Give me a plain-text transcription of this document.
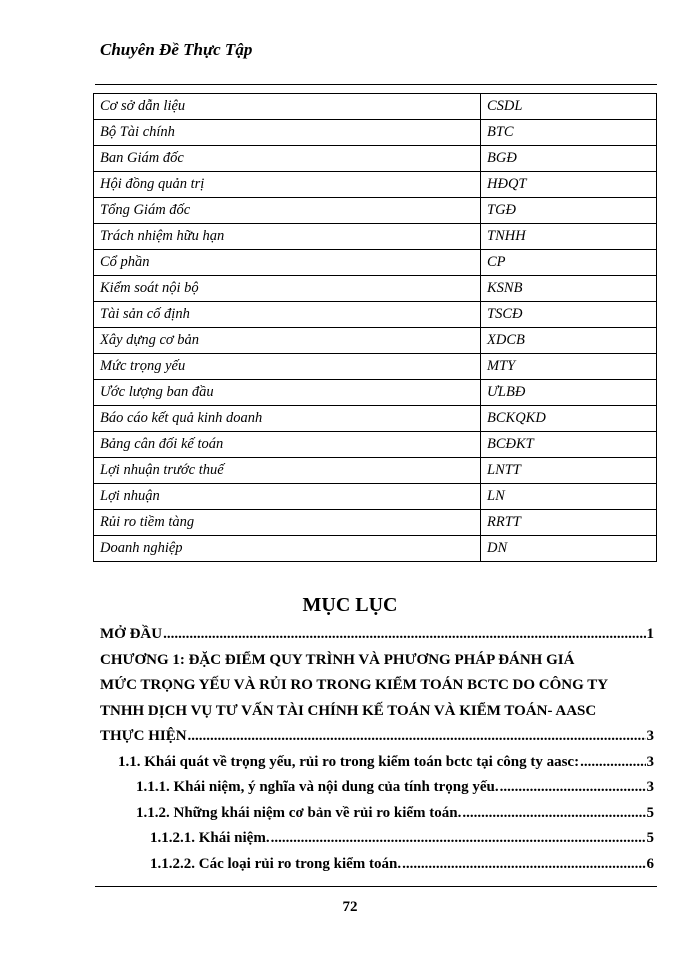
Chuyên Đề Thực Tập
Cơ sở dẫn liệu	CSDL
Bộ Tài chính	BTC
Ban Giám đốc	BGĐ
Hội đồng quản trị	HĐQT
Tổng Giám đốc	TGĐ
Trách nhiệm hữu hạn	TNHH
Cổ phần	CP
Kiểm soát nội bộ	KSNB
Tài sản cố định	TSCĐ
Xây dựng cơ bản	XDCB
Mức trọng yếu	MTY
Ước lượng ban đầu	ƯLBĐ
Báo cáo kết quả kinh doanh	BCKQKD
Bảng cân đối kế toán	BCĐKT
Lợi nhuận trước thuế	LNTT
Lợi nhuận	LN
Rủi ro tiềm tàng	RRTT
Doanh nghiệp	DN
MỤC LỤC
MỞ ĐẦU .....	1
CHƯƠNG 1: ĐẶC ĐIỂM QUY TRÌNH VÀ PHƯƠNG PHÁP ĐÁNH GIÁ
MỨC TRỌNG YẾU VÀ RỦI RO TRONG KIỂM TOÁN BCTC DO CÔNG TY
TNHH DỊCH VỤ TƯ VẤN TÀI CHÍNH KẾ TOÁN VÀ KIỂM TOÁN- AASC
THỰC HIỆN .....	3
1.1. Khái quát về trọng yếu, rủi ro trong kiểm toán bctc tại công ty aasc: .....	3
1.1.1. Khái niệm, ý nghĩa và nội dung của tính trọng yếu. .....	3
1.1.2. Những khái niệm cơ bản về rủi ro kiểm toán. .....	5
1.1.2.1. Khái niệm. .....	5
1.1.2.2. Các loại rủi ro trong kiểm toán. .....	6
72
